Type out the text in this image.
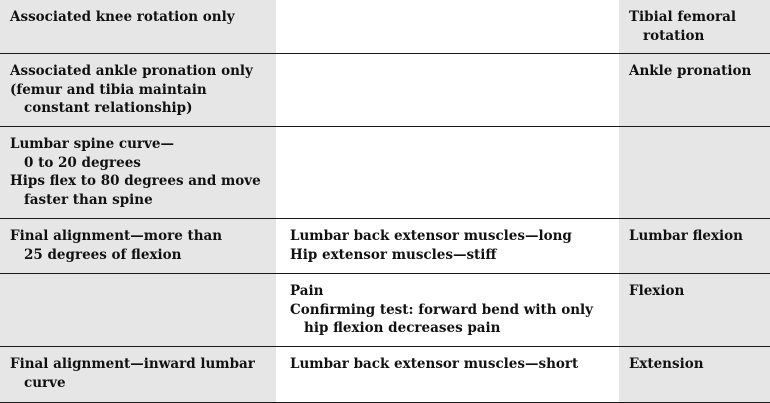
Associated knee rotation only	Tibial femoral
rotation
Associated ankle pronation only
(femur and tibia maintain
constant relationship)
Ankle pronation
Lumbar spine curve—
0 to 20 degrees
Hips flex to 80 degrees and move
faster than spine
Final alignment—more than
25 degrees of flexion
Lumbar back extensor muscles—long
Hip extensor muscles—stiff
Lumbar flexion
Pain
Confirming test: forward bend with only
hip flexion decreases pain
Flexion
Final alignment—inward lumbar
curve
Lumbar back extensor muscles—short	Extension
